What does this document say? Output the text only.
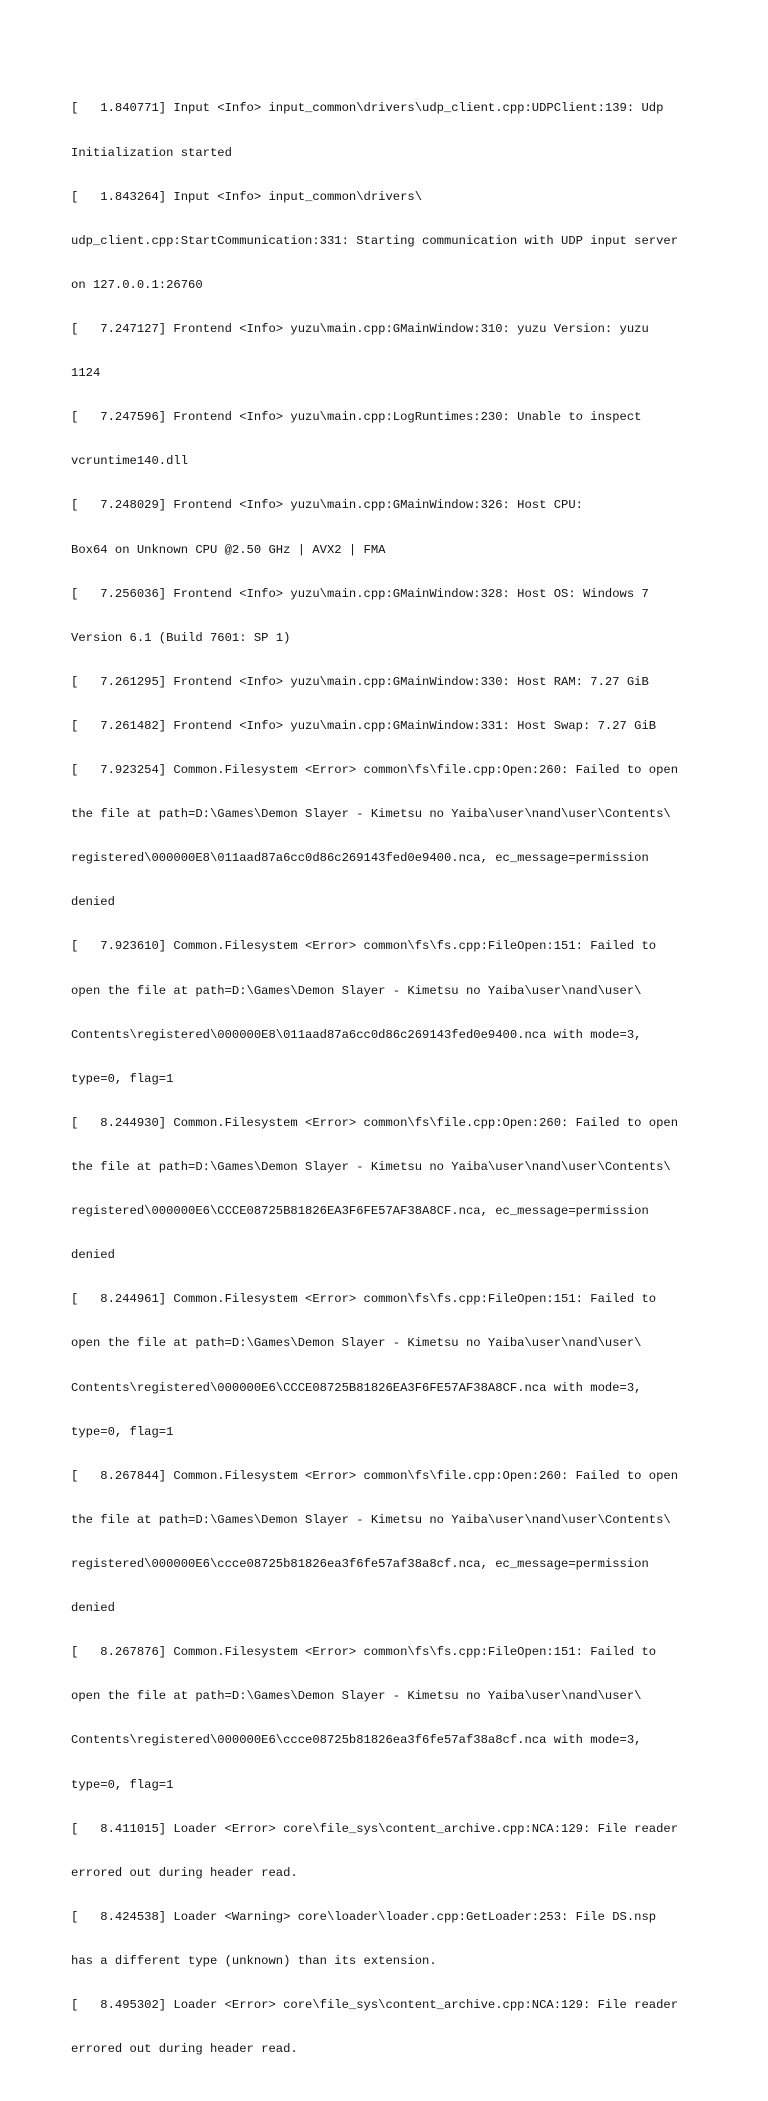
[   1.840771] Input <Info> input_common\drivers\udp_client.cpp:UDPClient:139: Udp

Initialization started

[   1.843264] Input <Info> input_common\drivers\

udp_client.cpp:StartCommunication:331: Starting communication with UDP input server

on 127.0.0.1:26760

[   7.247127] Frontend <Info> yuzu\main.cpp:GMainWindow:310: yuzu Version: yuzu

1124

[   7.247596] Frontend <Info> yuzu\main.cpp:LogRuntimes:230: Unable to inspect

vcruntime140.dll

[   7.248029] Frontend <Info> yuzu\main.cpp:GMainWindow:326: Host CPU:

Box64 on Unknown CPU @2.50 GHz | AVX2 | FMA

[   7.256036] Frontend <Info> yuzu\main.cpp:GMainWindow:328: Host OS: Windows 7

Version 6.1 (Build 7601: SP 1)

[   7.261295] Frontend <Info> yuzu\main.cpp:GMainWindow:330: Host RAM: 7.27 GiB

[   7.261482] Frontend <Info> yuzu\main.cpp:GMainWindow:331: Host Swap: 7.27 GiB

[   7.923254] Common.Filesystem <Error> common\fs\file.cpp:Open:260: Failed to open

the file at path=D:\Games\Demon Slayer - Kimetsu no Yaiba\user\nand\user\Contents\

registered\000000E8\011aad87a6cc0d86c269143fed0e9400.nca, ec_message=permission

denied

[   7.923610] Common.Filesystem <Error> common\fs\fs.cpp:FileOpen:151: Failed to

open the file at path=D:\Games\Demon Slayer - Kimetsu no Yaiba\user\nand\user\

Contents\registered\000000E8\011aad87a6cc0d86c269143fed0e9400.nca with mode=3,

type=0, flag=1

[   8.244930] Common.Filesystem <Error> common\fs\file.cpp:Open:260: Failed to open

the file at path=D:\Games\Demon Slayer - Kimetsu no Yaiba\user\nand\user\Contents\

registered\000000E6\CCCE08725B81826EA3F6FE57AF38A8CF.nca, ec_message=permission

denied

[   8.244961] Common.Filesystem <Error> common\fs\fs.cpp:FileOpen:151: Failed to

open the file at path=D:\Games\Demon Slayer - Kimetsu no Yaiba\user\nand\user\

Contents\registered\000000E6\CCCE08725B81826EA3F6FE57AF38A8CF.nca with mode=3,

type=0, flag=1

[   8.267844] Common.Filesystem <Error> common\fs\file.cpp:Open:260: Failed to open

the file at path=D:\Games\Demon Slayer - Kimetsu no Yaiba\user\nand\user\Contents\

registered\000000E6\ccce08725b81826ea3f6fe57af38a8cf.nca, ec_message=permission

denied

[   8.267876] Common.Filesystem <Error> common\fs\fs.cpp:FileOpen:151: Failed to

open the file at path=D:\Games\Demon Slayer - Kimetsu no Yaiba\user\nand\user\

Contents\registered\000000E6\ccce08725b81826ea3f6fe57af38a8cf.nca with mode=3,

type=0, flag=1

[   8.411015] Loader <Error> core\file_sys\content_archive.cpp:NCA:129: File reader

errored out during header read.

[   8.424538] Loader <Warning> core\loader\loader.cpp:GetLoader:253: File DS.nsp

has a different type (unknown) than its extension.

[   8.495302] Loader <Error> core\file_sys\content_archive.cpp:NCA:129: File reader

errored out during header read.
